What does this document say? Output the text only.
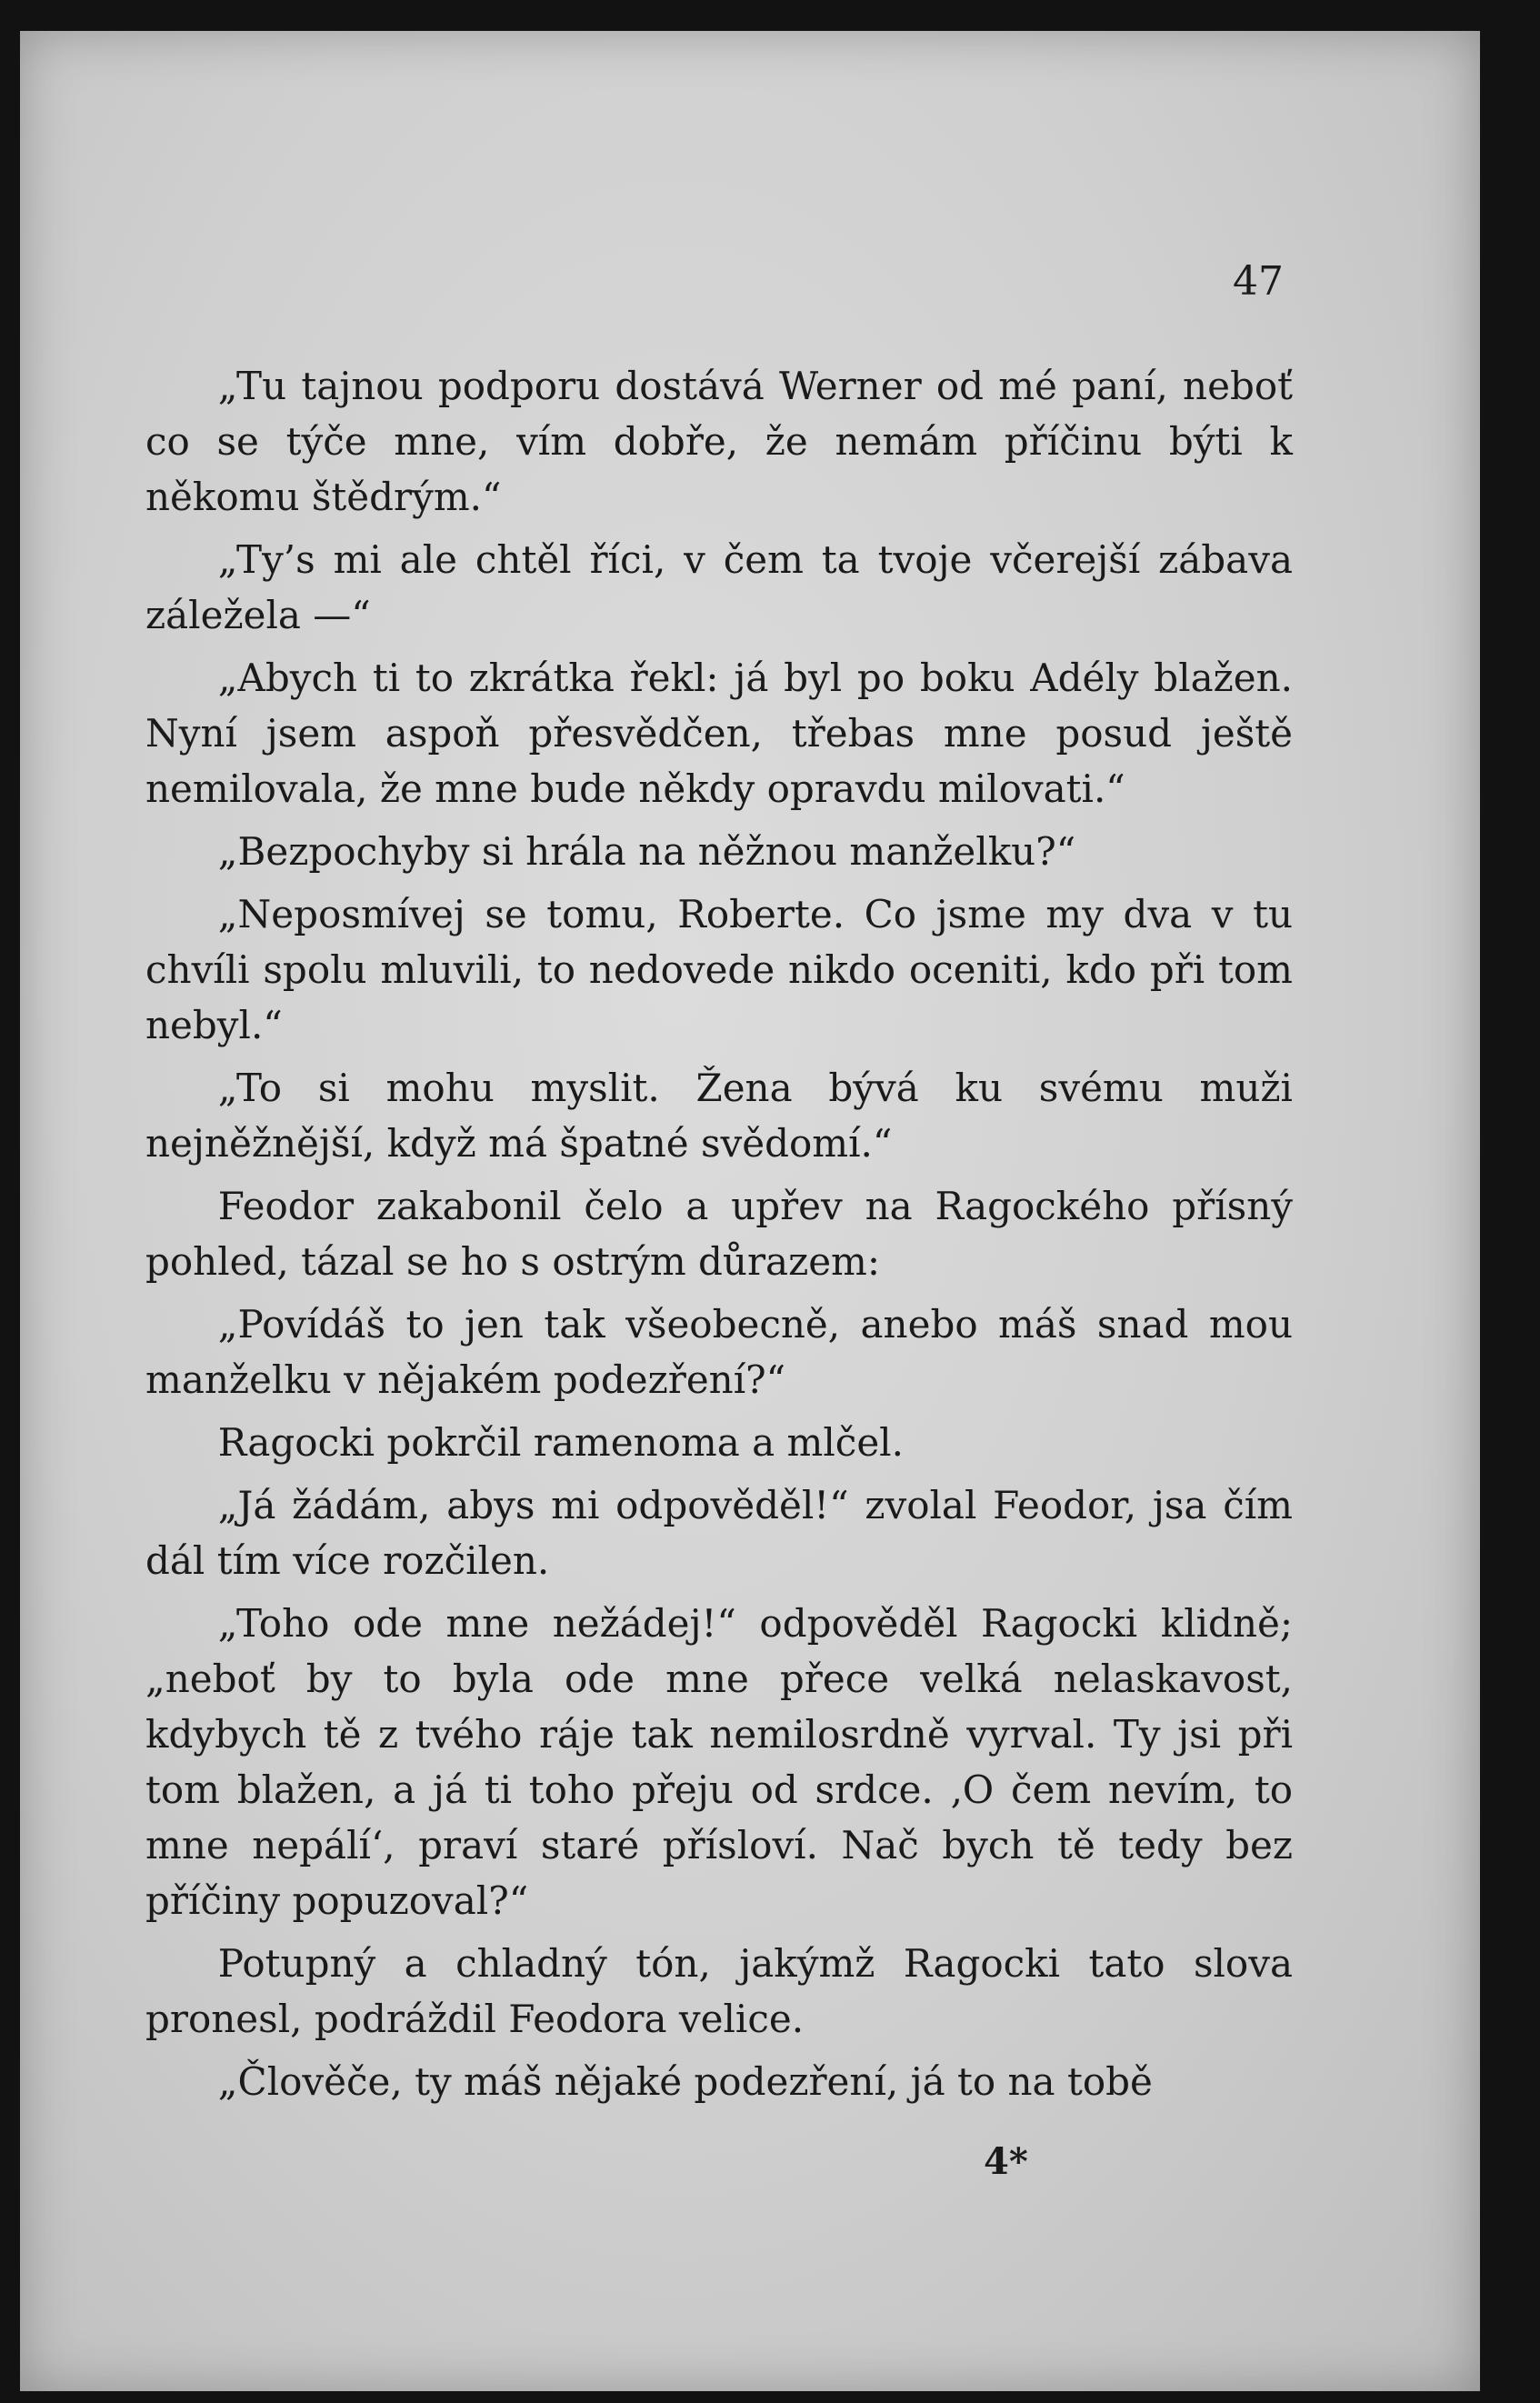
47

„Tu tajnou podporu dostává Werner od mé paní, neboť co se týče mne, vím dobře, že nemám příčinu býti k někomu štědrým.“

„Ty’s mi ale chtěl říci, v čem ta tvoje včerejší zábava záležela —“

„Abych ti to zkrátka řekl: já byl po boku Adély blažen. Nyní jsem aspoň přesvědčen, třebas mne posud ještě nemilovala, že mne bude někdy opravdu milovati.“

„Bezpochyby si hrála na něžnou manželku?“

„Neposmívej se tomu, Roberte. Co jsme my dva v tu chvíli spolu mluvili, to nedovede nikdo oceniti, kdo při tom nebyl.“

„To si mohu myslit. Žena bývá ku svému muži nejněžnější, když má špatné svědomí.“

Feodor zakabonil čelo a upřev na Ragockého přísný pohled, tázal se ho s ostrým důrazem:

„Povídáš to jen tak všeobecně, anebo máš snad mou manželku v nějakém podezření?“

Ragocki pokrčil ramenoma a mlčel.

„Já žádám, abys mi odpověděl!“ zvolal Feodor, jsa čím dál tím více rozčilen.

„Toho ode mne nežádej!“ odpověděl Ragocki klidně; „neboť by to byla ode mne přece velká nelaskavost, kdybych tě z tvého ráje tak nemilosrdně vyrval. Ty jsi při tom blažen, a já ti toho přeju od srdce. ‚O čem nevím, to mne nepálí‘, praví staré přísloví. Nač bych tě tedy bez příčiny popuzoval?“

Potupný a chladný tón, jakýmž Ragocki tato slova pronesl, podráždil Feodora velice.

„Člověče, ty máš nějaké podezření, já to na tobě

4*
